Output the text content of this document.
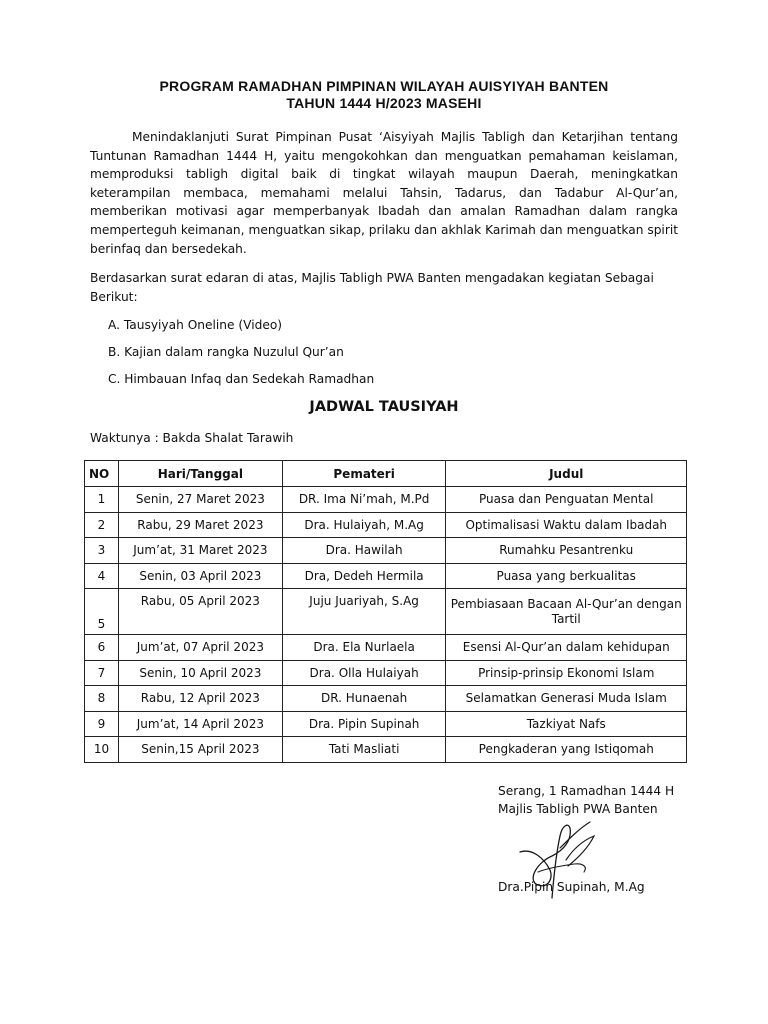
PROGRAM RAMADHAN PIMPINAN WILAYAH AUISYIYAH BANTEN
TAHUN 1444 H/2023 MASEHI
Menindaklanjuti Surat Pimpinan Pusat ‘Aisyiyah Majlis Tabligh dan Ketarjihan tentang Tuntunan Ramadhan 1444 H, yaitu mengokohkan dan menguatkan pemahaman keislaman, memproduksi tabligh digital baik di tingkat wilayah maupun Daerah, meningkatkan keterampilan membaca, memahami melalui Tahsin, Tadarus, dan Tadabur Al-Qur’an, memberikan motivasi agar memperbanyak Ibadah dan amalan Ramadhan dalam rangka memperteguh keimanan, menguatkan sikap, prilaku dan akhlak Karimah dan menguatkan spirit berinfaq dan bersedekah.
Berdasarkan surat edaran di atas, Majlis Tabligh PWA Banten mengadakan kegiatan Sebagai Berikut:
A. Tausyiyah Oneline (Video)
B. Kajian dalam rangka Nuzulul Qur’an
C. Himbauan Infaq dan Sedekah Ramadhan
JADWAL TAUSIYAH
Waktunya : Bakda Shalat Tarawih
NO	Hari/Tanggal	Pemateri	Judul
1	Senin, 27 Maret 2023	DR. Ima Ni’mah, M.Pd	Puasa dan Penguatan Mental
2	Rabu, 29 Maret 2023	Dra. Hulaiyah, M.Ag	Optimalisasi Waktu dalam Ibadah
3	Jum’at, 31 Maret 2023	Dra. Hawilah	Rumahku Pesantrenku
4	Senin, 03 April 2023	Dra, Dedeh Hermila	Puasa yang berkualitas
5	Rabu, 05 April 2023	Juju Juariyah, S.Ag	Pembiasaan Bacaan Al-Qur’an dengan Tartil
6	Jum’at, 07 April 2023	Dra. Ela Nurlaela	Esensi Al-Qur’an dalam kehidupan
7	Senin, 10 April 2023	Dra. Olla Hulaiyah	Prinsip-prinsip Ekonomi Islam
8	Rabu, 12 April 2023	DR. Hunaenah	Selamatkan Generasi Muda Islam
9	Jum’at, 14 April 2023	Dra. Pipin Supinah	Tazkiyat Nafs
10	Senin,15 April 2023	Tati Masliati	Pengkaderan yang Istiqomah
Serang, 1 Ramadhan 1444 H
Majlis Tabligh PWA Banten
Dra.Pipin Supinah, M.Ag
